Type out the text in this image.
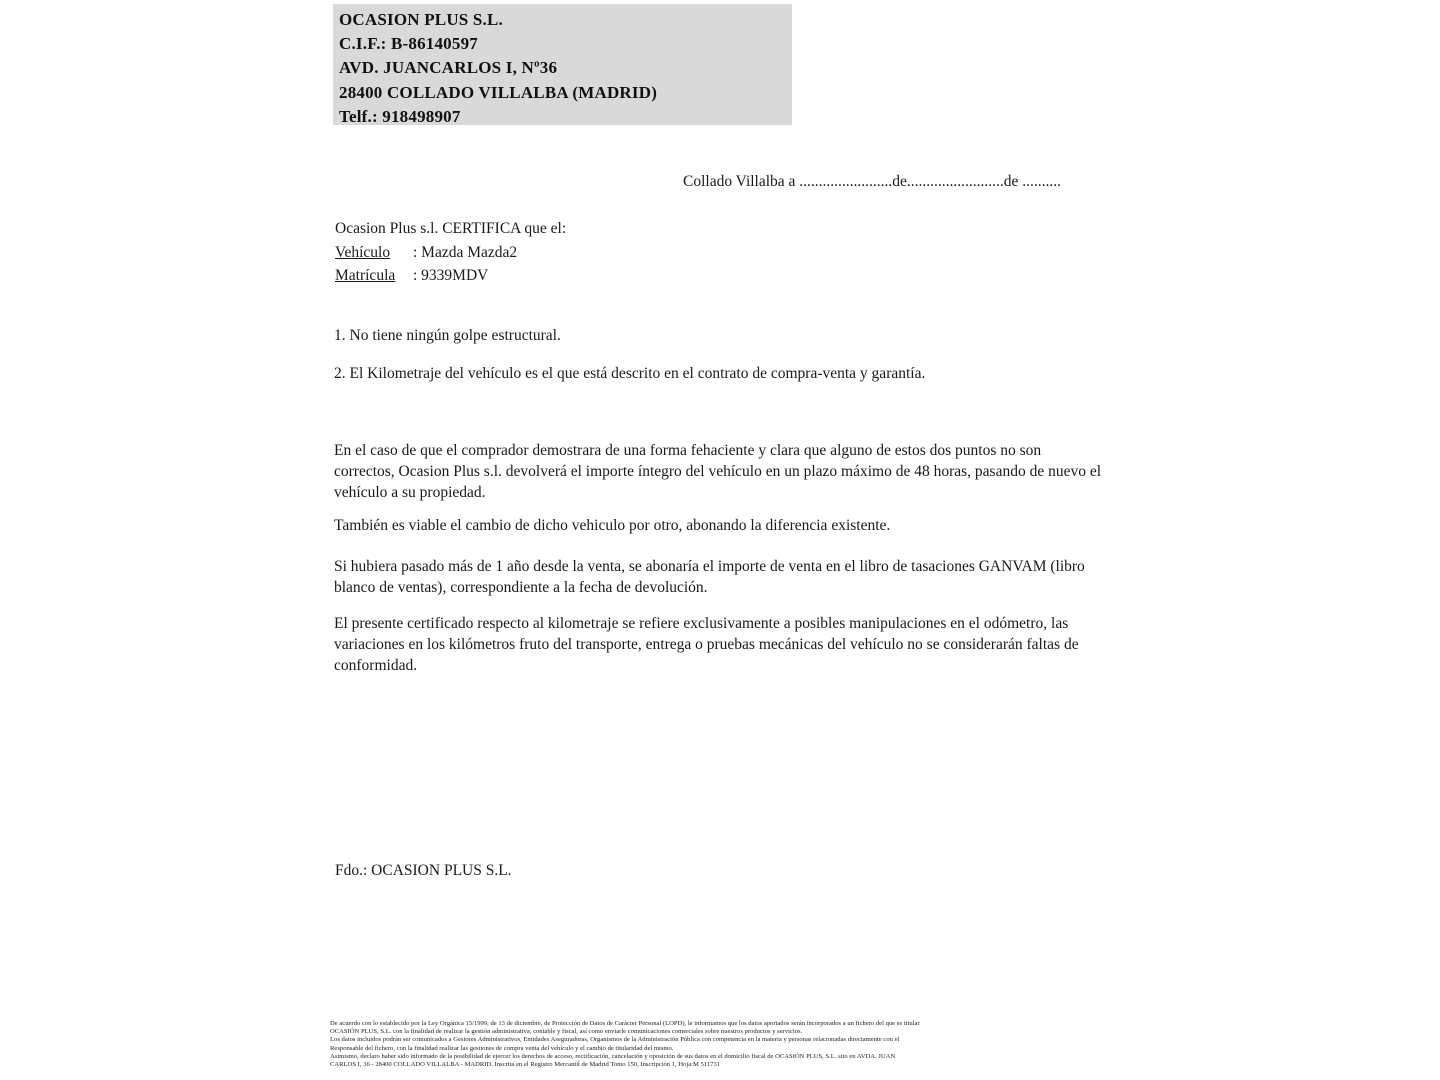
OCASION PLUS S.L.
C.I.F.: B-86140597
AVD. JUANCARLOS I, Nº36
28400 COLLADO VILLALBA (MADRID)
Telf.: 918498907
Collado Villalba a ........................de.........................de ..........
Ocasion Plus s.l. CERTIFICA que el:
Vehículo : Mazda Mazda2
Matrícula : 9339MDV
1. No tiene ningún golpe estructural.
2. El Kilometraje del vehículo es el que está descrito en el contrato de compra-venta y garantía.
En el caso de que el comprador demostrara de una forma fehaciente y clara que alguno de estos dos puntos no son correctos, Ocasion Plus s.l. devolverá el importe íntegro del vehículo en un plazo máximo de 48 horas, pasando de nuevo el vehículo a su propiedad.
También es viable el cambio de dicho vehiculo por otro, abonando la diferencia existente.
Si hubiera pasado más de 1 año desde la venta, se abonaría el importe de venta en el libro de tasaciones GANVAM (libro blanco de ventas), correspondiente a la fecha de devolución.
El presente certificado respecto al kilometraje se refiere exclusivamente a posibles manipulaciones en el odómetro, las variaciones en los kilómetros fruto del transporte, entrega o pruebas mecánicas del vehículo no se considerarán faltas de conformidad.
Fdo.: OCASION PLUS S.L.
De acuerdo con lo establecido por la Ley Orgánica 15/1999, de 13 de diciembre, de Protección de Datos de Carácter Personal (LOPD), le informamos que los datos aportados serán incorporados a un fichero del que es titular
OCASIÓN PLUS, S.L. con la finalidad de realizar la gestión administrativa, contable y fiscal, así como enviarle comunicaciones comerciales sobre nuestros productos y servicios.
Los datos incluidos podrán ser comunicados a Gestores Administrativos, Entidades Aseguradoras, Organismos de la Administración Pública con competencia en la materia y personas relacionadas directamente con el
Responsable del fichero, con la finalidad realizar las gestiones de compra venta del vehículo y el cambio de titularidad del mismo.
Asimismo, declaro haber sido informado de la posibilidad de ejercer los derechos de acceso, rectificación, cancelación y oposición de sus datos en el domicilio fiscal de OCASIÓN PLUS, S.L. sito en AVDA. JUAN
CARLOS I, 36 - 28400 COLLADO VILLALBA - MADRID. Inscrita en el Registro Mercantil de Madrid Tomo 150, Inscripción 1, Hoja:M 511731
